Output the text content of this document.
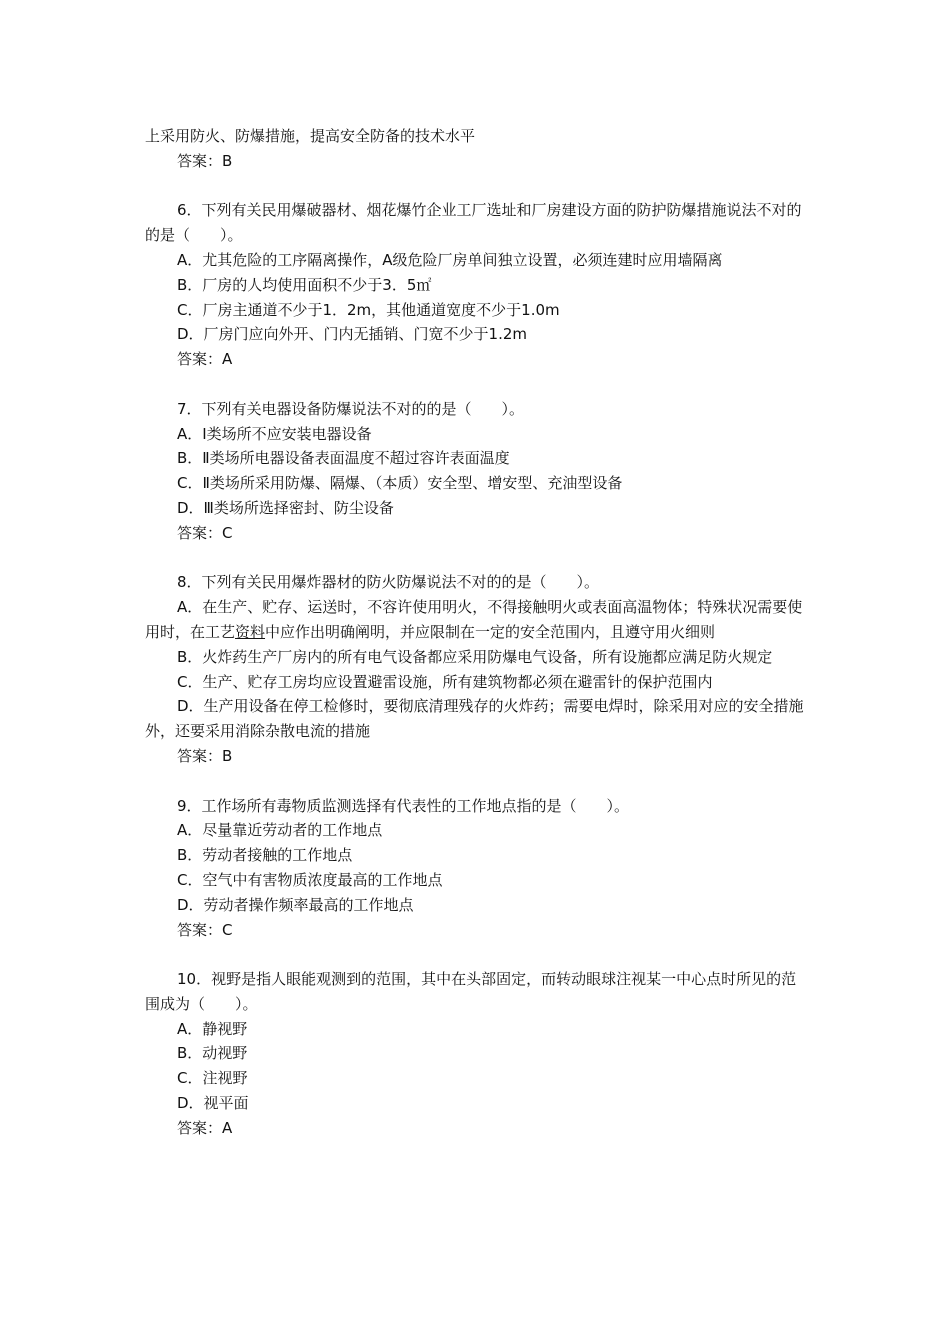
上采用防火、防爆措施，提高安全防备的技术水平

答案：B

6．下列有关民用爆破器材、烟花爆竹企业工厂选址和厂房建设方面的防护防爆措施说法不对的的是（　　）。

A．尤其危险的工序隔离操作，A级危险厂房单间独立设置，必须连建时应用墙隔离

B．厂房的人均使用面积不少于3．5㎡

C．厂房主通道不少于1．2m，其他通道宽度不少于1.0m

D．厂房门应向外开、门内无插销、门宽不少于1.2m

答案：A

7．下列有关电器设备防爆说法不对的的是（　　）。

A．I类场所不应安装电器设备

B．Ⅱ类场所电器设备表面温度不超过容许表面温度

C．Ⅱ类场所采用防爆、隔爆、（本质）安全型、增安型、充油型设备

D．Ⅲ类场所选择密封、防尘设备

答案：C

8．下列有关民用爆炸器材的防火防爆说法不对的的是（　　）。

A．在生产、贮存、运送时，不容许使用明火，不得接触明火或表面高温物体；特殊状况需要使用时，在工艺资料中应作出明确阐明，并应限制在一定的安全范围内，且遵守用火细则

B．火炸药生产厂房内的所有电气设备都应采用防爆电气设备，所有设施都应满足防火规定

C．生产、贮存工房均应设置避雷设施，所有建筑物都必须在避雷针的保护范围内

D．生产用设备在停工检修时，要彻底清理残存的火炸药；需要电焊时，除采用对应的安全措施外，还要采用消除杂散电流的措施

答案：B

9．工作场所有毒物质监测选择有代表性的工作地点指的是（　　）。

A．尽量靠近劳动者的工作地点

B．劳动者接触的工作地点

C．空气中有害物质浓度最高的工作地点

D．劳动者操作频率最高的工作地点

答案：C

10．视野是指人眼能观测到的范围，其中在头部固定，而转动眼球注视某一中心点时所见的范围成为（　　）。

A．静视野

B．动视野

C．注视野

D．视平面

答案：A
